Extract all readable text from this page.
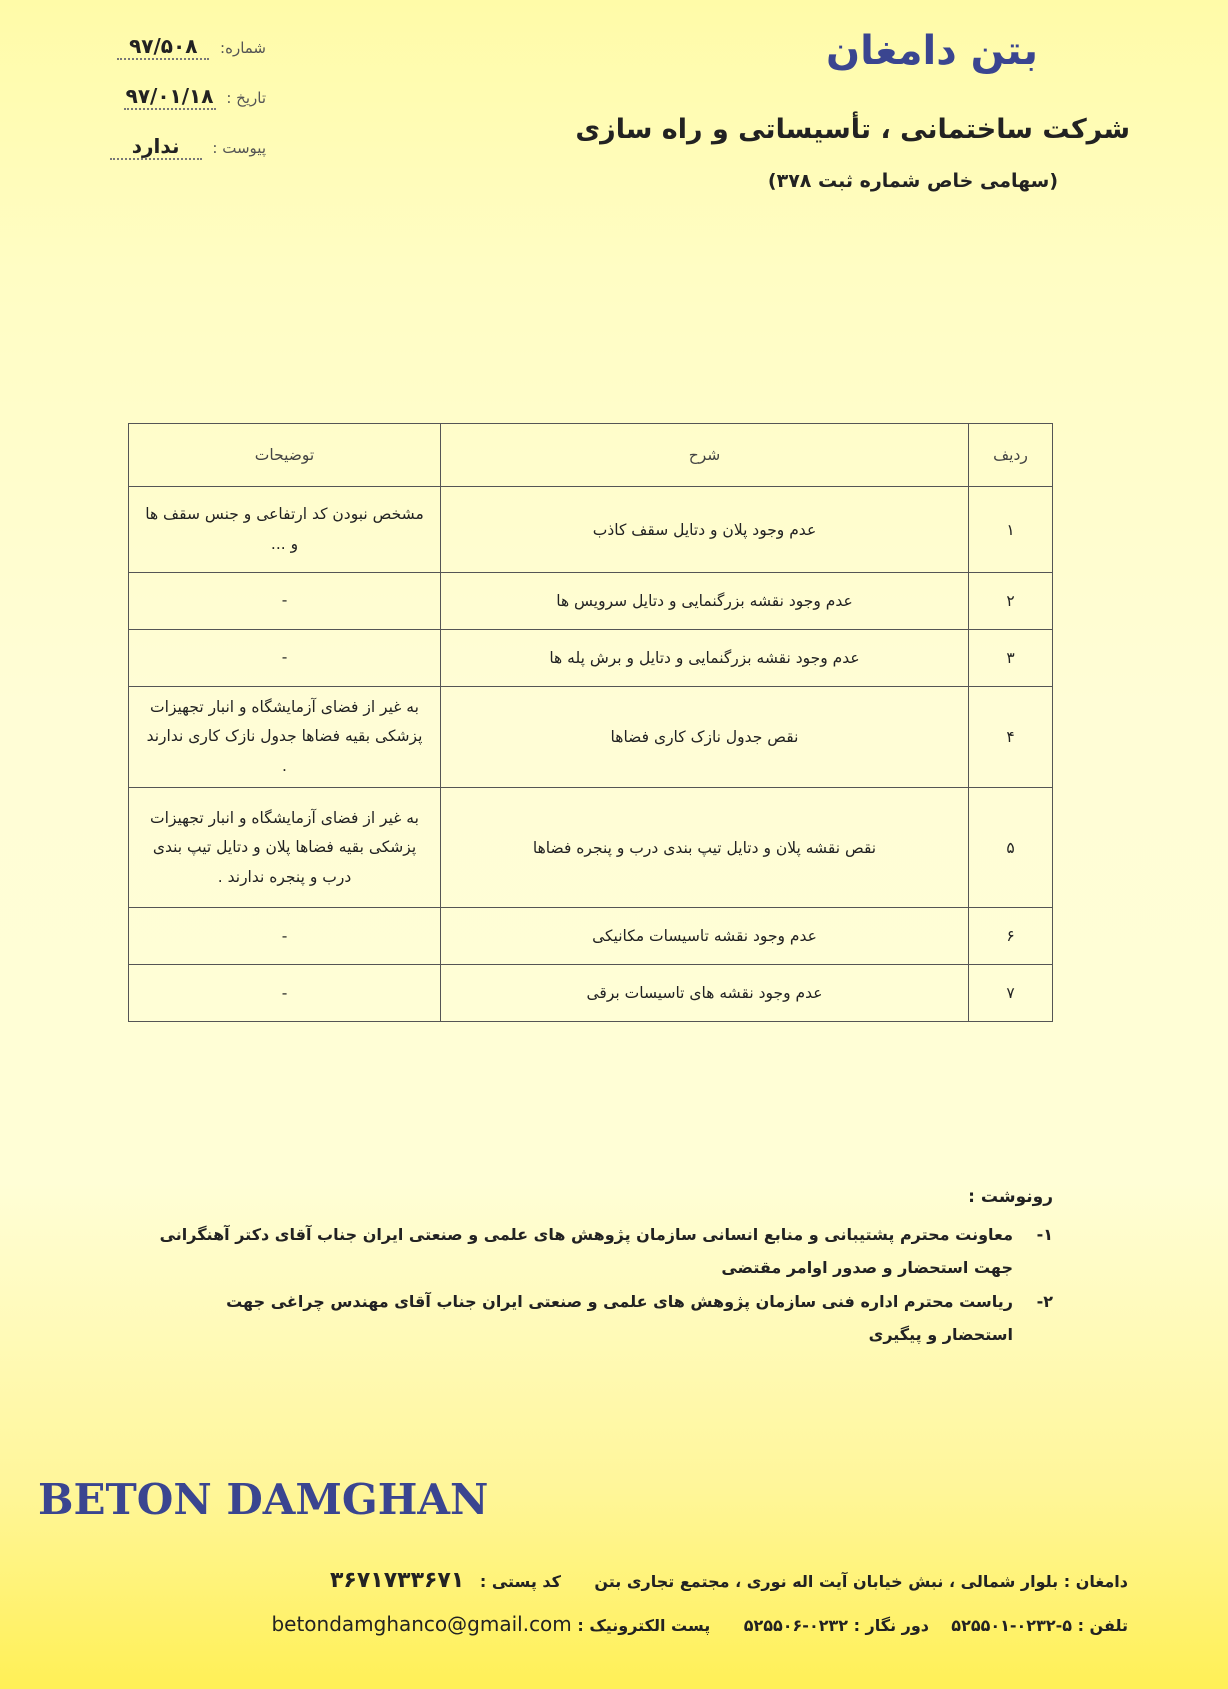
شماره: ۹۷/۵۰۸
تاریخ : ۹۷/۰۱/۱۸
پیوست : ندارد
بتن دامغان
شرکت ساختمانی ، تأسیساتی و راه سازی
(سهامی خاص شماره ثبت ۳۷۸)
ردیف	شرح	توضیحات
۱	عدم وجود پلان و دتایل سقف کاذب	مشخص نبودن کد ارتفاعی و جنس سقف ها و ...
۲	عدم وجود نقشه بزرگنمایی و دتایل سرویس ها	-
۳	عدم وجود نقشه بزرگنمایی و دتایل و برش پله ها	-
۴	نقص جدول نازک کاری فضاها	به غیر از فضای آزمایشگاه و انبار تجهیزات پزشکی بقیه فضاها جدول نازک کاری ندارند .
۵	نقص نقشه پلان و دتایل تیپ بندی درب و پنجره فضاها	به غیر از فضای آزمایشگاه و انبار تجهیزات پزشکی بقیه فضاها پلان و دتایل تیپ بندی درب و پنجره ندارند .
۶	عدم وجود نقشه تاسیسات مکانیکی	-
۷	عدم وجود نقشه های تاسیسات برقی	-
رونوشت :
۱-
معاونت محترم پشتیبانی و منابع انسانی سازمان پژوهش های علمی و صنعتی ایران جناب آقای دکتر آهنگرانی جهت استحضار و صدور اوامر مقتضی
۲-
ریاست محترم اداره فنی سازمان پژوهش های علمی و صنعتی ایران جناب آقای مهندس چراغی جهت استحضار و پیگیری
BETON DAMGHAN
دامغان : بلوار شمالی ، نبش خیابان آیت اله نوری ، مجتمع تجاری بتن      کد پستی : ۳۶۷۱۷۳۳۶۷۱
تلفن : ۵-۰۲۳۲-۵۲۵۵۰۱    دور نگار : ۰۲۳۲-۵۲۵۵۰۶      پست الکترونیک : betondamghanco@gmail.com
